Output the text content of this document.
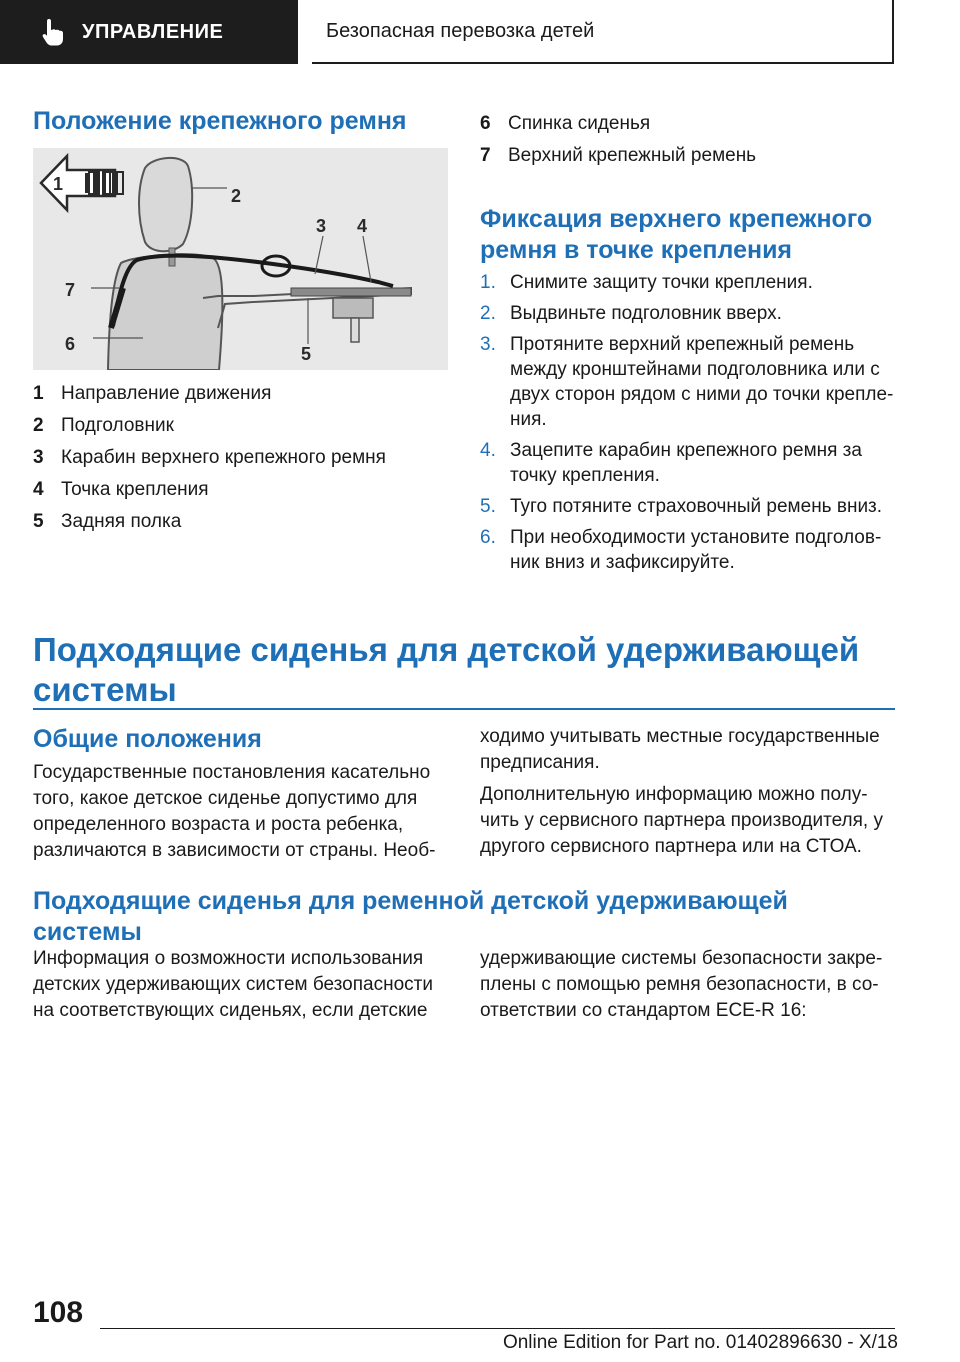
УПРАВЛЕНИЕ	Безопасная перевозка детей
Положение крепежного ремня
1
2
3 4
5
6
7
1 Направление движения
2 Подголовник
3 Карабин верхнего крепежного ремня
4 Точка крепления
5 Задняя полка
6 Спинка сиденья
7 Верхний крепежный ремень
Фиксация верхнего крепежного
ремня в точке крепления
1. Снимите защиту точки крепления.
2. Выдвиньте подголовник вверх.
3. Протяните верхний крепежный ремень между кронштейнами подголовника или с двух сторон рядом с ними до точки крепле‐ния.
4. Зацепите карабин крепежного ремня за точку крепления.
5. Туго потяните страховочный ремень вниз.
6. При необходимости установите подголов‐ник вниз и зафиксируйте.
Подходящие сиденья для детской удерживающей системы
Общие положения

Государственные постановления касательно того, какое детское сиденье допустимо для определенного возраста и роста ребенка, различаются в зависимости от страны. Необ‐

ходимо учитывать местные государственные предписания.

Дополнительную информацию можно полу‐чить у сервисного партнера производителя, у другого сервисного партнера или на СТОА.

Подходящие сиденья для ременной детской удерживающей системы

Информация о возможности использования детских удерживающих систем безопасности на соответствующих сиденьях, если детские

удерживающие системы безопасности закре‐плены с помощью ремня безопасности, в со‐ответствии со стандартом ECE-R 16:

108
Online Edition for Part no. 01402896630 - X/18
